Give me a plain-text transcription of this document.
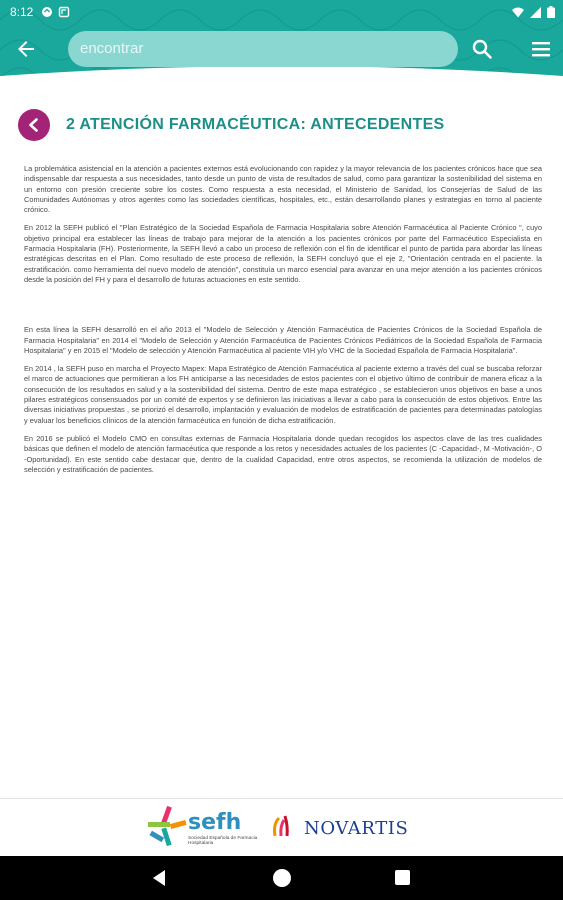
8:12
encontrar
2 ATENCIÓN FARMACÉUTICA: ANTECEDENTES

La problemática asistencial en la atención a pacientes externos está evolucionando con rapidez y la mayor relevancia de los pacientes crónicos hace que sea indispensable dar respuesta a sus necesidades, tanto desde un punto de vista de resultados de salud, como para garantizar la sostenibilidad del sistema en un entorno con presión creciente sobre los costes. Como respuesta a esta necesidad, el Ministerio de Sanidad, los Consejerías de Salud de las Comunidades Autónomas y otros agentes como las sociedades científicas, hospitales, etc., están desarrollando planes y estrategias en torno al paciente crónico.

En 2012 la SEFH publicó el "Plan Estratégico de la Sociedad Española de Farmacia Hospitalaria sobre Atención Farmacéutica al Paciente Crónico ", cuyo objetivo principal era establecer las líneas de trabajo para mejorar de la atención a los pacientes crónicos por parte del Farmacéutico Especialista en Farmacia Hospitalaria (FH). Posteriormente, la SEFH llevó a cabo un proceso de reflexión con el fin de identificar el punto de partida para abordar las líneas estratégicas descritas en el Plan. Como resultado de este proceso de reflexión, la SEFH concluyó que el eje 2, "Orientación centrada en el paciente. la estratificación. como herramienta del nuevo modelo de atención", constituía un marco esencial para avanzar en una mejor atención a los pacientes crónicos desde la posición del FH y para el desarrollo de futuras actuaciones en este sentido.

En esta línea la SEFH desarrolló en el año 2013 el "Modelo de Selección y Atención Farmacéutica de Pacientes Crónicos de la Sociedad Española de Farmacia Hospitalaria" en 2014 el "Modelo de Selección y Atención Farmacéutica de Pacientes Crónicos Pediátricos de la Sociedad Española de Farmacia Hospitalaria" y en 2015 el "Modelo de selección y Atención Farmacéutica al paciente VIH y/o VHC de la Sociedad Española de Farmacia Hospitalaria".

En 2014 , la SEFH puso en marcha el Proyecto Mapex: Mapa Estratégico de Atención Farmacéutica al paciente externo a través del cual se buscaba reforzar el marco de actuaciones que permitieran a los FH anticiparse a las necesidades de estos pacientes con el objetivo último de contribuir de manera eficaz a la consecución de los resultados en salud y a la sostenibilidad del sistema. Dentro de este mapa estratégico , se establecieron unos objetivos en base a unos pilares estratégicos consensuados por un comité de expertos y se definieron las iniciativas a llevar a cabo para la consecución de estos objetivos. Entre las diversas iniciativas propuestas , se priorizó el desarrollo, implantación y evaluación de modelos de estratificación de pacientes para determinadas patologías y evaluar los beneficios clínicos de la atención farmacéutica en función de dicha estratificación.

En 2016 se publicó el Modelo CMO en consultas externas de Farmacia Hospitalaria donde quedan recogidos los aspectos clave de las tres cualidades básicas que definen el modelo de atención farmacéutica que responde a los retos y necesidades actuales de los pacientes (C -Capacidad-, M -Motivación-, O -Oportunidad). En este sentido cabe destacar que, dentro de la cualidad Capacidad, entre otros aspectos, se recomienda la utilización de modelos de selección y estratificación de pacientes.

sefh
Sociedad Española de Farmacia Hospitalaria
NOVARTIS
